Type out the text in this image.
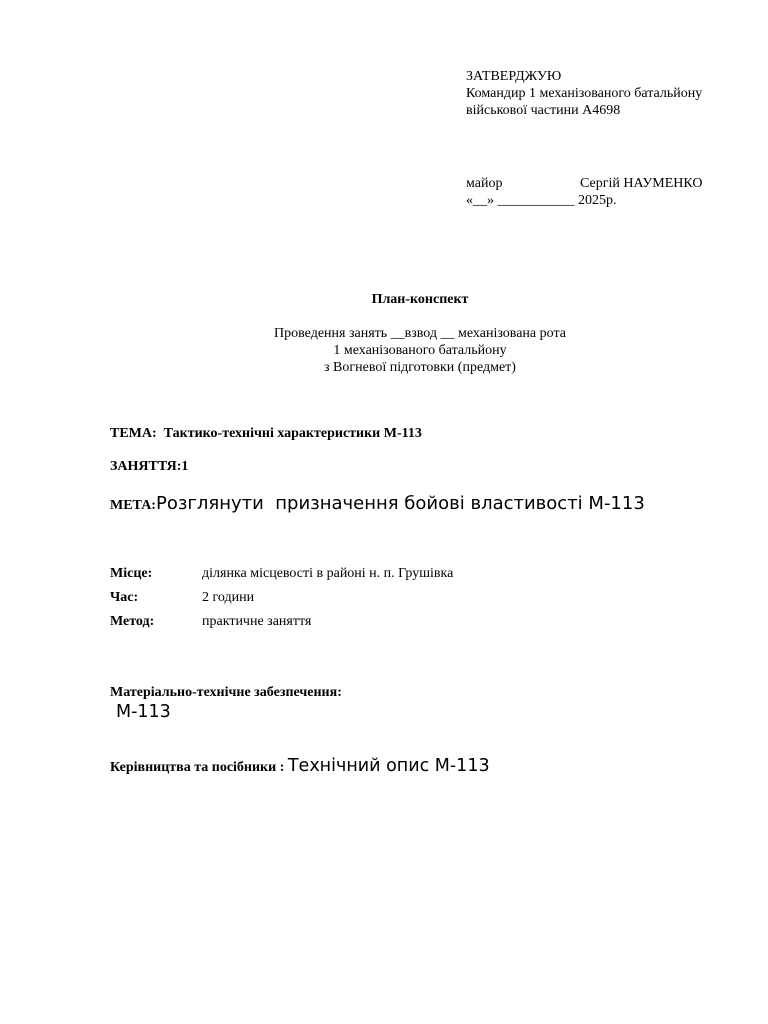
ЗАТВЕРДЖУЮ
Командир 1 механізованого батальйону
військової частини А4698
майор	Сергій НАУМЕНКО
«__» ___________ 2025р.
План-конспект
Проведення занять __взвод __ механізована рота
1 механізованого батальйону
з Вогневої підготовки (предмет)
ТЕМА: Тактико-технічні характеристики М-113
ЗАНЯТТЯ:1
МЕТА:Розглянути  призначення бойові властивості М-113
Місце:	ділянка місцевості в районі н. п. Грушівка
Час:	2 години
Метод:	практичне заняття
Матеріально-технічне забезпечення:
М-113
Керівництва та посібники : Технічний опис М-113
